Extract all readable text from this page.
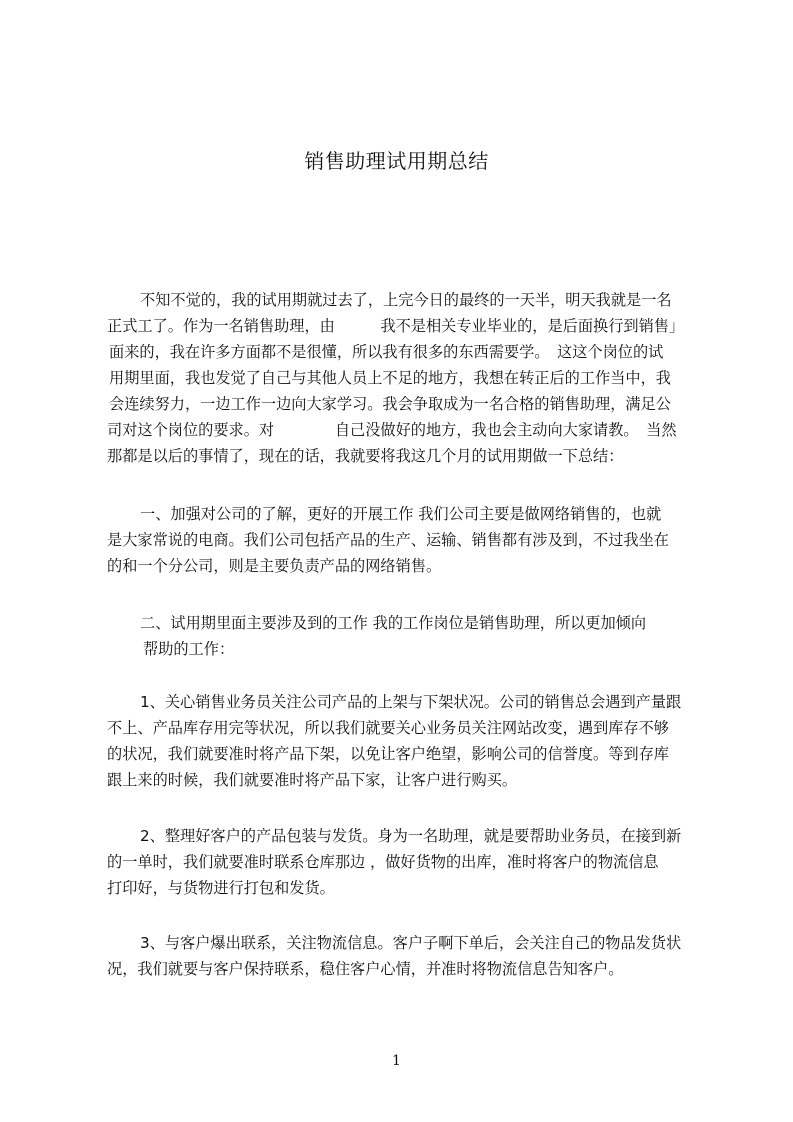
销售助理试用期总结
不知不觉的，我的试用期就过去了，上完今日的最终的一天半，明天我就是一名
正式工了。作为一名销售助理，由　　　我不是相关专业毕业的，是后面换行到销售」
面来的，我在许多方面都不是很懂，所以我有很多的东西需要学。　这这个岗位的试
用期里面，我也发觉了自己与其他人员上不足的地方，我想在转正后的工作当中，我
会连续努力，一边工作一边向大家学习。我会争取成为一名合格的销售助理，满足公
司对这个岗位的要求。对　　　　自己没做好的地方，我也会主动向大家请教。　当然
那都是以后的事情了，现在的话，我就要将我这几个月的试用期做一下总结：
一、加强对公司的了解，更好的开展工作 我们公司主要是做网络销售的，也就
是大家常说的电商。我们公司包括产品的生产、运输、销售都有涉及到，不过我坐在
的和一个分公司，则是主要负责产品的网络销售。
二、试用期里面主要涉及到的工作 我的工作岗位是销售助理，所以更加倾向
帮助的工作：
1、关心销售业务员关注公司产品的上架与下架状况。公司的销售总会遇到产量跟
不上、产品库存用完等状况，所以我们就要关心业务员关注网站改变，遇到库存不够
的状况，我们就要准时将产品下架，以免让客户绝望，影响公司的信誉度。等到存库
跟上来的时候，我们就要准时将产品下家，让客户进行购买。
2、整理好客户的产品包装与发货。身为一名助理，就是要帮助业务员，在接到新
的一单时，我们就要准时联系仓库那边 ，做好货物的出库，准时将客户的物流信息
打印好，与货物进行打包和发货。
3、与客户爆出联系，关注物流信息。客户子啊下单后，会关注自己的物品发货状
况，我们就要与客户保持联系，稳住客户心情，并准时将物流信息告知客户。
1
